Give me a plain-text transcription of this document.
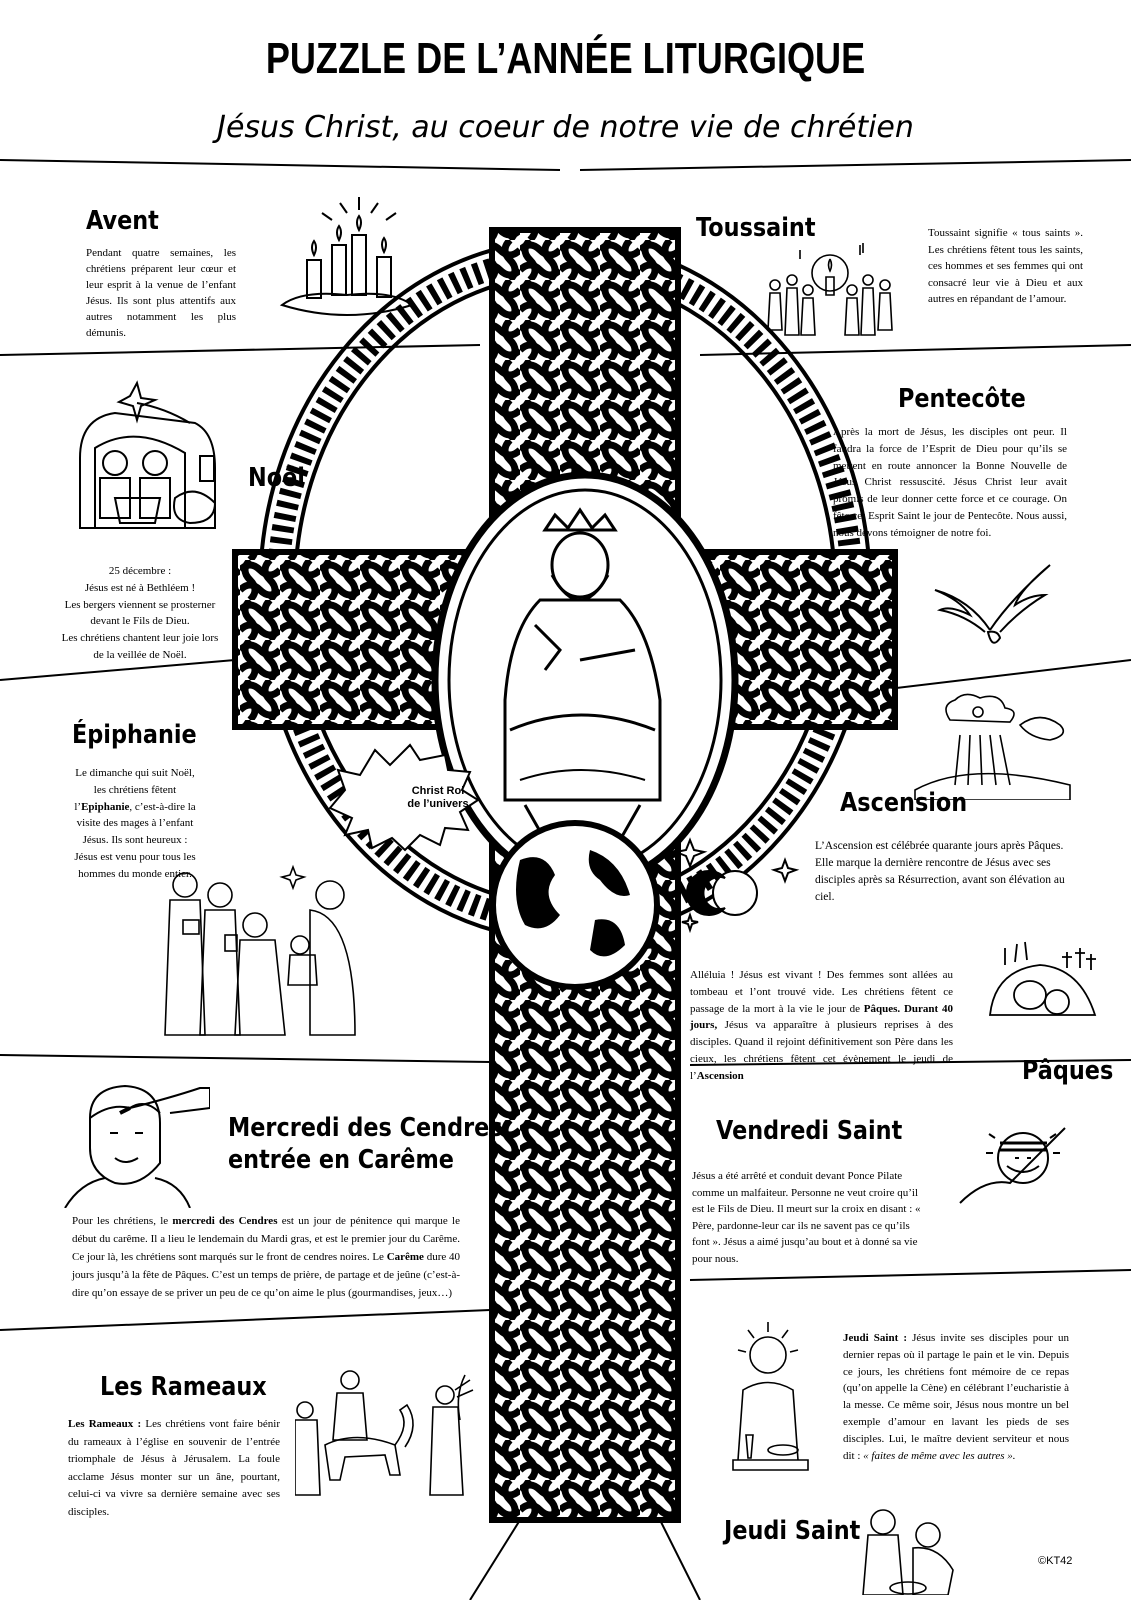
PUZZLE DE L’ANNÉE LITURGIQUE
Jésus Christ, au coeur de notre vie de chrétien
Christ Roi
de l’univers
Avent
Pendant quatre semaines, les chrétiens préparent leur cœur et leur esprit à la venue de l’enfant Jésus. Ils sont plus attentifs aux autres notamment les plus démunis.
Toussaint	Toussaint signifie « tous saints ». Les chrétiens fêtent tous les saints, ces hommes et ses femmes qui ont consacré leur vie à Dieu et aux autres en répandant de l’amour.
Noël
25 décembre :
Jésus est né à Bethléem !
Les bergers viennent se prosterner
devant le Fils de Dieu.
Les chrétiens chantent leur joie lors
de la veillée de Noël.
Pentecôte
Après la mort de Jésus, les disciples ont peur. Il faudra la force de l’Esprit de Dieu pour qu’ils se mettent en route annoncer la Bonne Nouvelle de Jésus Christ ressuscité. Jésus Christ leur avait promis de leur donner cette force et ce courage. On fête cet Esprit Saint le jour de Pentecôte. Nous aussi, nous devons témoigner de notre foi.
Épiphanie
Le dimanche qui suit Noël, les chrétiens fêtent l’Epiphanie, c’est-à-dire la visite des mages à l’enfant Jésus. Ils sont heureux : Jésus est venu pour tous les hommes du monde entier.
Ascension
L’Ascension est célébrée quarante jours après Pâques. Elle marque la dernière rencontre de Jésus avec ses disciples après sa Résurrection, avant son élévation au ciel.
Alléluia ! Jésus est vivant ! Des femmes sont allées au tombeau et l’ont trouvé vide. Les chrétiens fêtent ce passage de la mort à la vie le jour de Pâques. Durant 40 jours, Jésus va apparaître à plusieurs reprises à des disciples. Quand il rejoint définitivement son Père dans les cieux, les chrétiens fêtent cet évènement le jeudi de l’Ascension	Pâques
Mercredi des Cendres
entrée en Carême
Pour les chrétiens, le mercredi des Cendres est un jour de pénitence qui marque le début du carême. Il a lieu le lendemain du Mardi gras, et est le premier jour du Carême. Ce jour là, les chrétiens sont marqués sur le front de cendres noires. Le Carême dure 40 jours jusqu’à la fête de Pâques. C’est un temps de prière, de partage et de jeûne (c’est-à-dire qu’on essaye de se priver un peu de ce qu’on aime le plus (gourmandises, jeux…)
Vendredi Saint
Jésus a été arrêté et conduit devant Ponce Pilate comme un malfaiteur. Personne ne veut croire qu’il est le Fils de Dieu. Il meurt sur la croix en disant : « Père, pardonne-leur car ils ne savent pas ce qu’ils font ». Jésus a aimé jusqu’au bout et à donné sa vie pour nous.
Les Rameaux
Les Rameaux : Les chrétiens vont faire bénir du rameaux à l’église en souvenir de l’entrée triomphale de Jésus à Jérusalem. La foule acclame Jésus monter sur un âne, pourtant, celui-ci va vivre sa dernière semaine avec ses disciples.
Jeudi Saint : Jésus invite ses disciples pour un dernier repas où il partage le pain et le vin. Depuis ce jours, les chrétiens font mémoire de ce repas (qu’on appelle la Cène) en célébrant l’eucharistie à la messe. Ce même soir, Jésus nous montre un bel exemple d’amour en lavant les pieds de ses disciples. Lui, le maître devient serviteur et nous dit : « faites de même avec les autres ».
Jeudi Saint
©KT42
